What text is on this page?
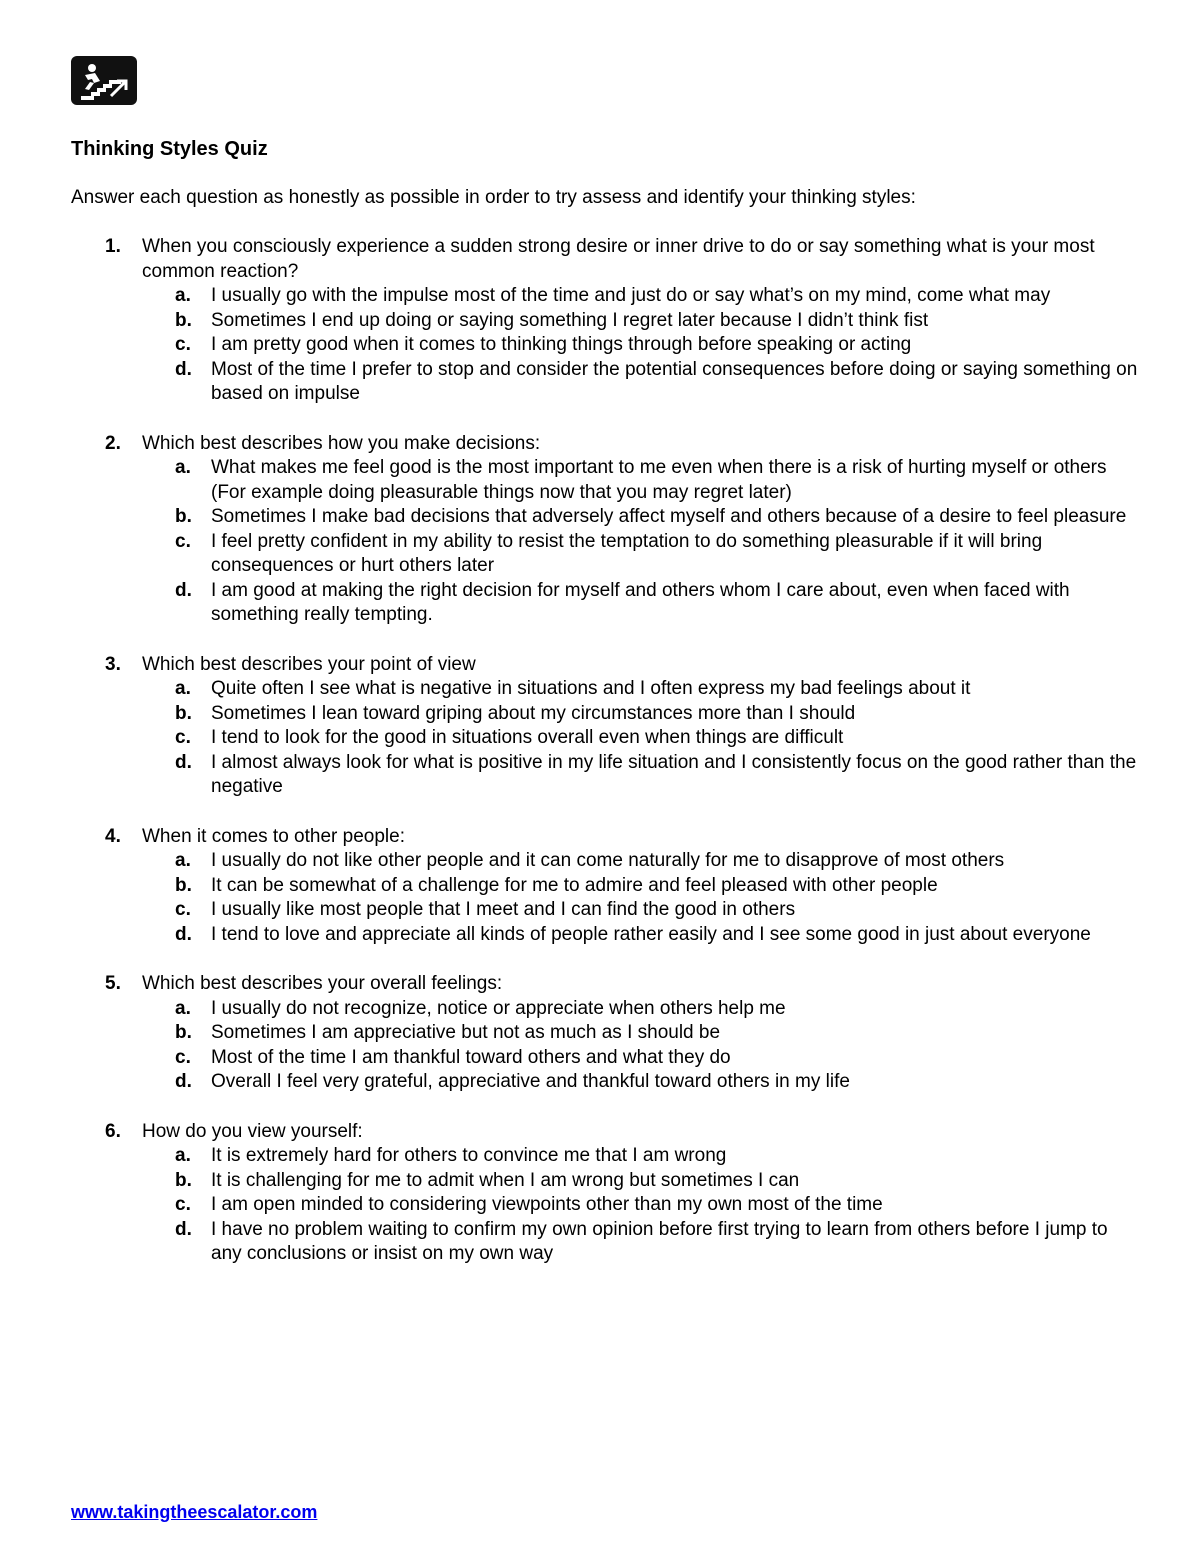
Thinking Styles Quiz

Answer each question as honestly as possible in order to try assess and identify your thinking styles:

1. When you consciously experience a sudden strong desire or inner drive to do or say something what is your most common reaction?
a. I usually go with the impulse most of the time and just do or say what’s on my mind, come what may
b. Sometimes I end up doing or saying something I regret later because I didn’t think fist
c. I am pretty good when it comes to thinking things through before speaking or acting
d. Most of the time I prefer to stop and consider the potential consequences before doing or saying something on based on impulse
2. Which best describes how you make decisions:
a. What makes me feel good is the most important to me even when there is a risk of hurting myself or others (For example doing pleasurable things now that you may regret later)
b. Sometimes I make bad decisions that adversely affect myself and others because of a desire to feel pleasure
c. I feel pretty confident in my ability to resist the temptation to do something pleasurable if it will bring consequences or hurt others later
d. I am good at making the right decision for myself and others whom I care about, even when faced with something really tempting.
3. Which best describes your point of view
a. Quite often I see what is negative in situations and I often express my bad feelings about it
b. Sometimes I lean toward griping about my circumstances more than I should
c. I tend to look for the good in situations overall even when things are difficult
d. I almost always look for what is positive in my life situation and I consistently focus on the good rather than the negative
4. When it comes to other people:
a. I usually do not like other people and it can come naturally for me to disapprove of most others
b. It can be somewhat of a challenge for me to admire and feel pleased with other people
c. I usually like most people that I meet and I can find the good in others
d. I tend to love and appreciate all kinds of people rather easily and I see some good in just about everyone
5. Which best describes your overall feelings:
a. I usually do not recognize, notice or appreciate when others help me
b. Sometimes I am appreciative but not as much as I should be
c. Most of the time I am thankful toward others and what they do
d. Overall I feel very grateful, appreciative and thankful toward others in my life
6. How do you view yourself:
a. It is extremely hard for others to convince me that I am wrong
b. It is challenging for me to admit when I am wrong but sometimes I can
c. I am open minded to considering viewpoints other than my own most of the time
d. I have no problem waiting to confirm my own opinion before first trying to learn from others before I jump to any conclusions or insist on my own way
www.takingtheescalator.com
